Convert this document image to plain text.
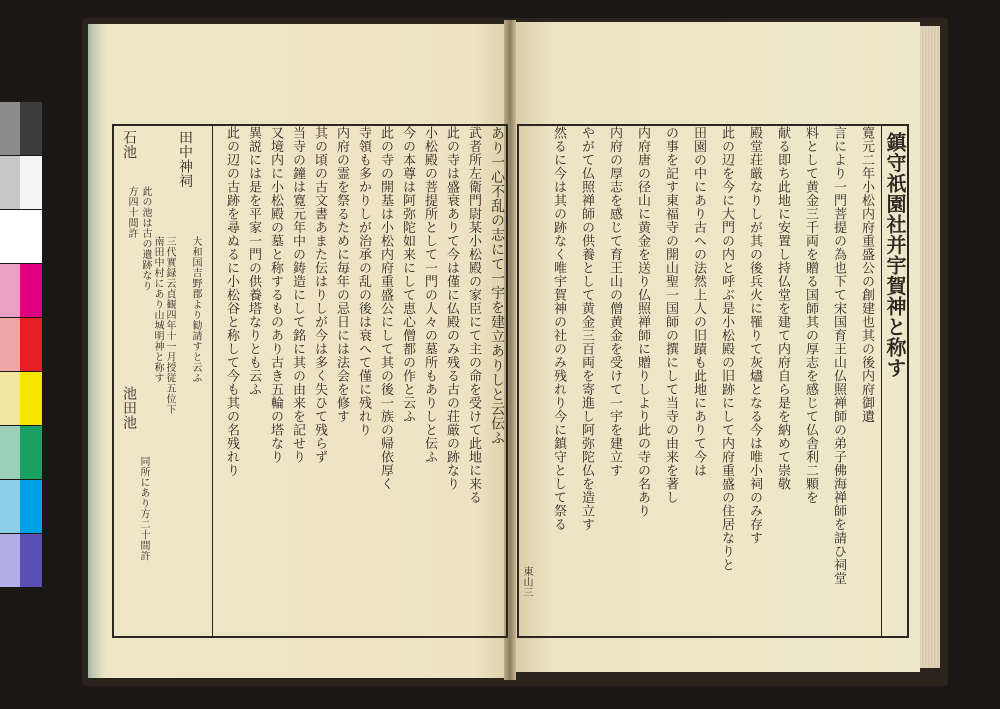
鎮守祇園社并宇賀神と称す
寛元二年小松内府重盛公の創建也其の後内府御遺
言により一門菩提の為也下て宋国育王山仏照禅師の弟子佛海禅師を請ひ祠堂
料として黄金三千両を贈る国師其の厚志を感じて仏舎利二顆を
献る即ち此地に安置し持仏堂を建て内府自ら是を納めて崇敬
殿堂荘厳なりしが其の後兵火に罹りて灰燼となる今は唯小祠のみ存す
此の辺を今に大門の内と呼ぶ是小松殿の旧跡にして内府重盛の住居なりと
田園の中にあり古への法然上人の旧蹟も此地にありて今は
の事を記す東福寺の開山聖一国師の撰にして当寺の由来を著し
内府唐の径山に黄金を送り仏照禅師に贈りしより此の寺の名あり
内府の厚志を感じて育王山の僧黄金を受けて一宇を建立す
やがて仏照禅師の供養として黄金三百両を寄進し阿弥陀仏を造立す
然るに今は其の跡なく唯宇賀神の社のみ残れり今に鎮守として祭る
東山三
あり一心不乱の志にて一宇を建立ありしと云伝ふ
武者所左衛門尉某小松殿の家臣にて主の命を受けて此地に来る
此の寺は盛衰ありて今は僅に仏殿のみ残る古の荘厳の跡なり
小松殿の菩提所として一門の人々の墓所もありしと伝ふ
今の本尊は阿弥陀如来にして恵心僧都の作と云ふ
此の寺の開基は小松内府重盛公にして其の後一族の帰依厚く
寺領も多かりしが治承の乱の後は衰へて僅に残れり
内府の霊を祭るために毎年の忌日には法会を修す
其の頃の古文書あまた伝はりしが今は多く失ひて残らず
当寺の鐘は寛元年中の鋳造にして銘に其の由来を記せり
又境内に小松殿の墓と称するものあり古き五輪の塔なり
異説には是を平家一門の供養塔なりとも云ふ
此の辺の古跡を尋ぬるに小松谷と称して今も其の名残れり
田中神祠
大和国吉野郡より勧請すと云ふ
三代實録云貞観四年十一月授従五位下
南田中村にあり山城明神と称す
石池
此の池は古の遺跡なり
方四十間許
池田池
同所にあり方二十間許
